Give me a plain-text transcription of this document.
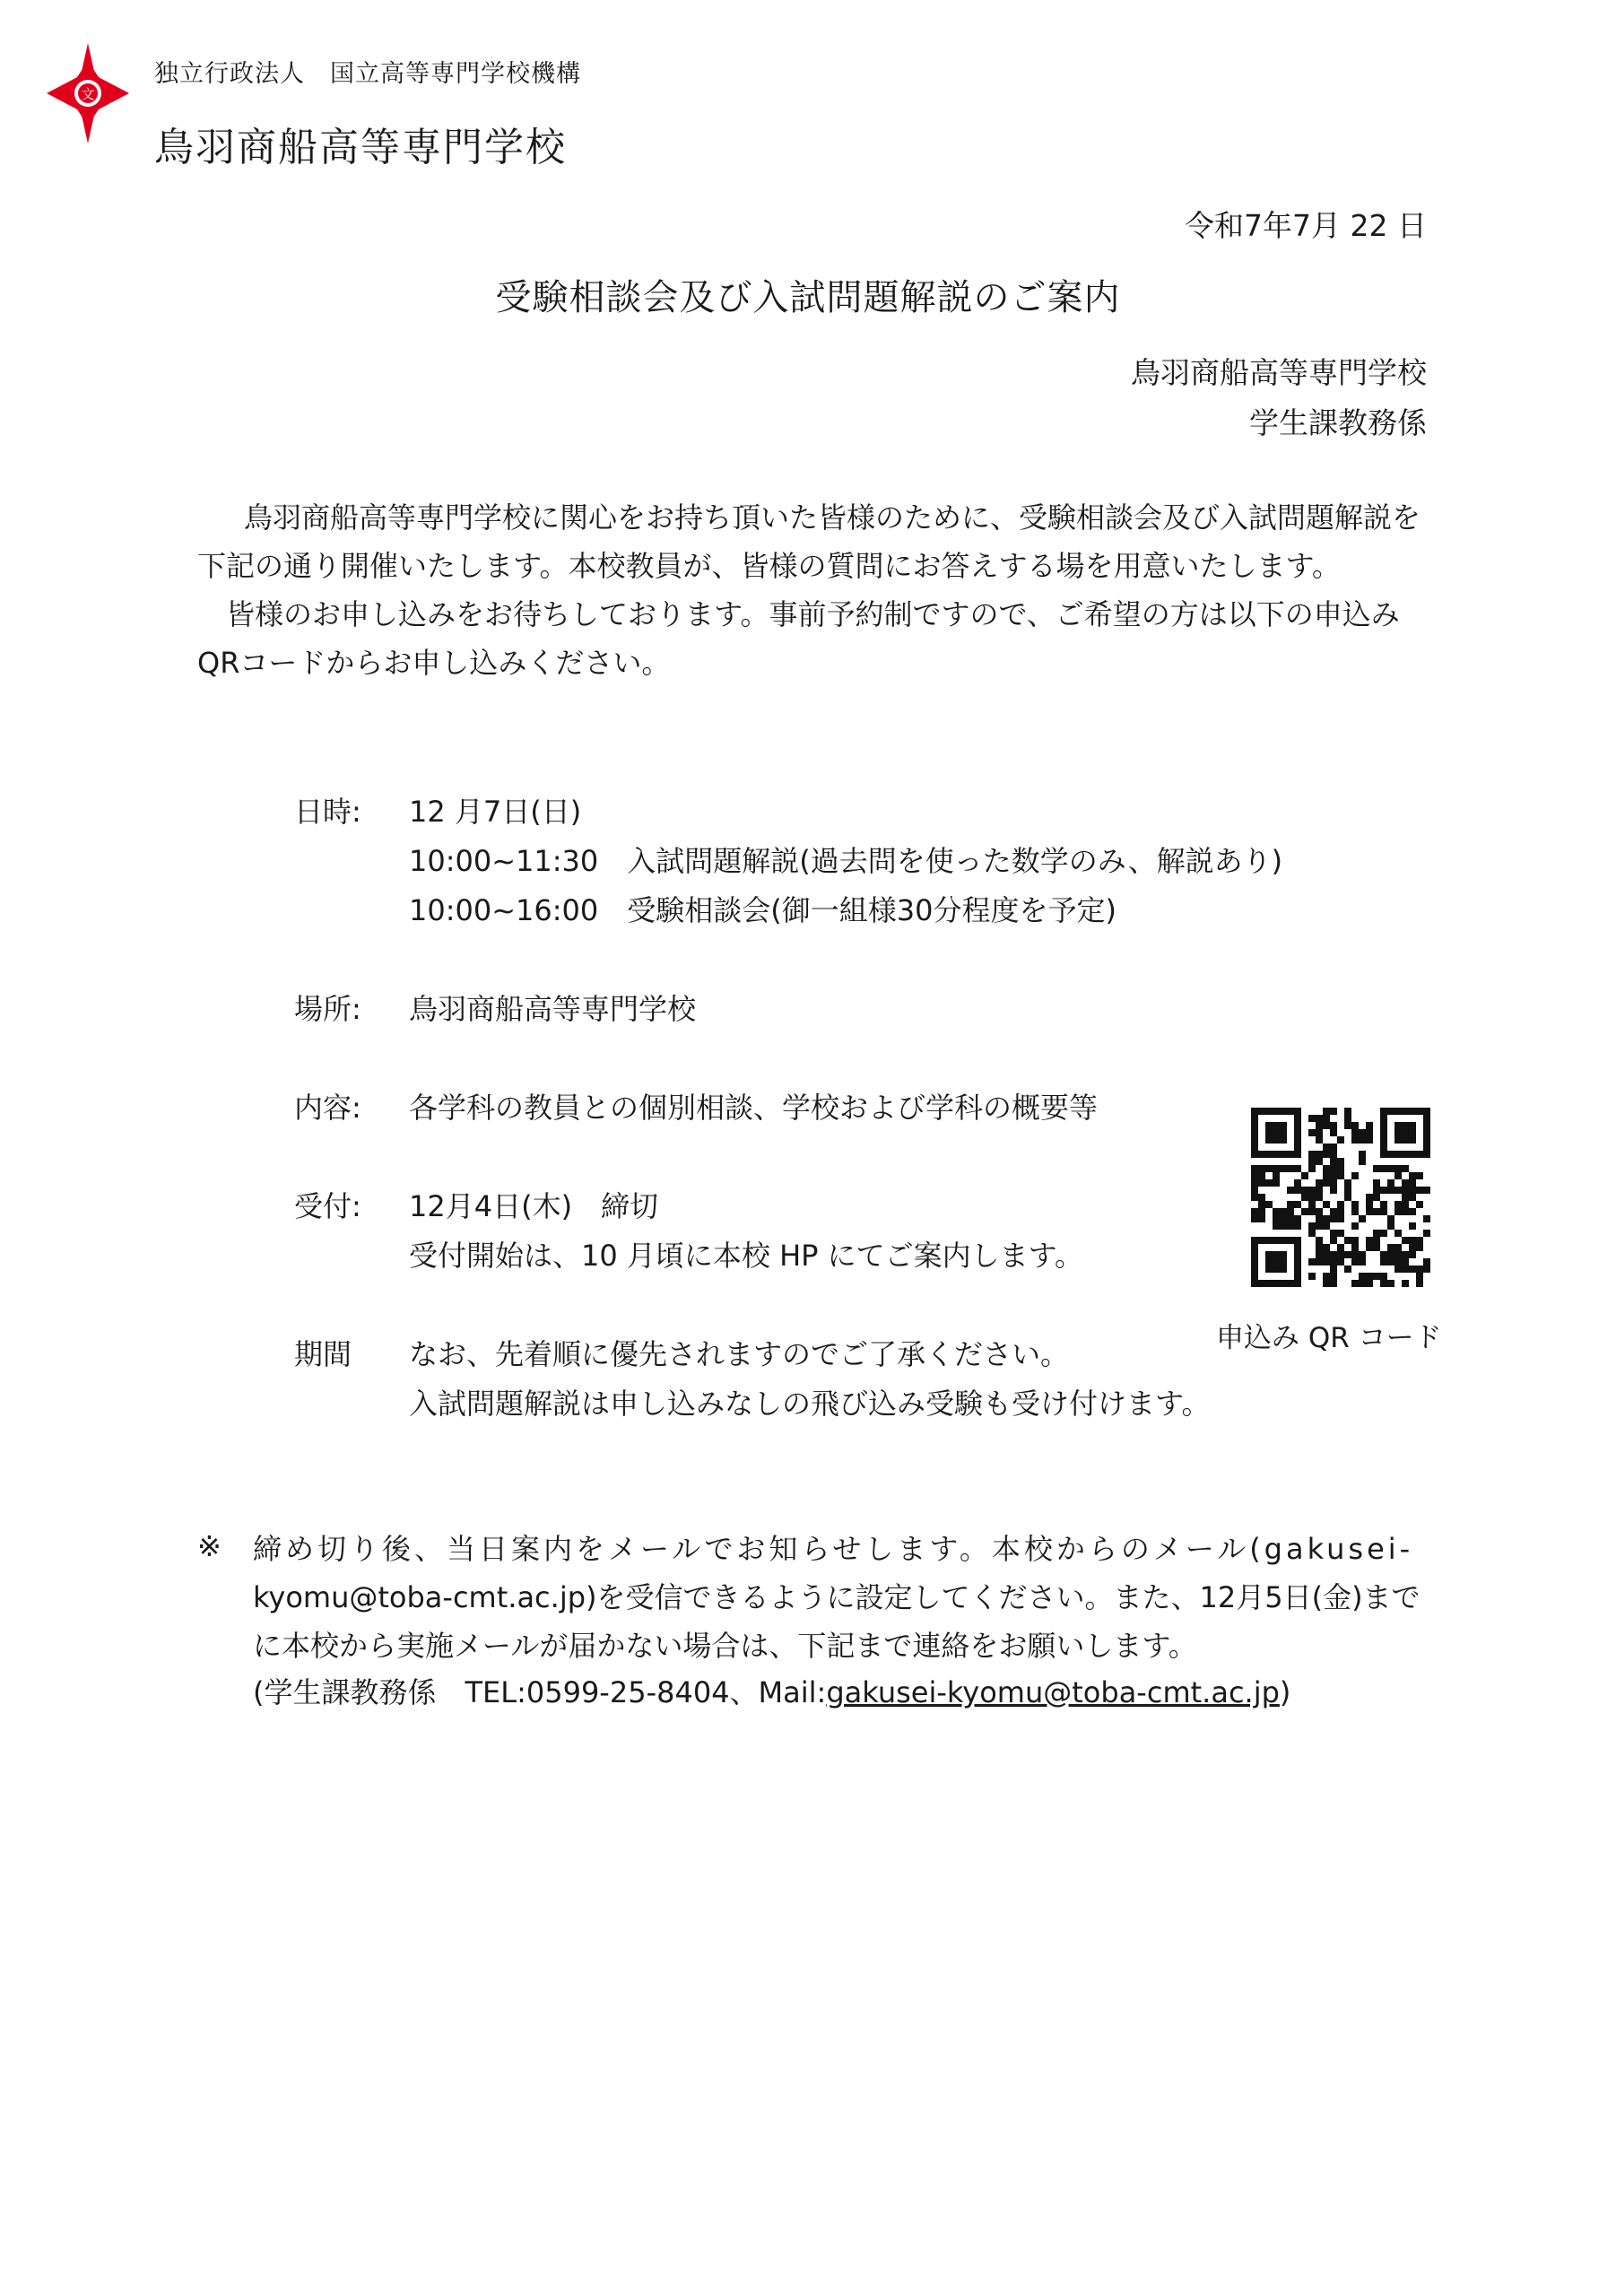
文
独立行政法人　国立高等専門学校機構
鳥羽商船高等専門学校
令和7年7月 22 日
受験相談会及び入試問題解説のご案内
鳥羽商船高等専門学校
学生課教務係
鳥羽商船高等専門学校に関心をお持ち頂いた皆様のために、受験相談会及び入試問題解説を下記の通り開催いたします。本校教員が、皆様の質問にお答えする場を用意いたします。
皆様のお申し込みをお待ちしております。事前予約制ですので、ご希望の方は以下の申込み QRコードからお申し込みください。
日時: 12 月7日(日)
10:00~11:30　入試問題解説(過去問を使った数学のみ、解説あり)
10:00~16:00　受験相談会(御一組様30分程度を予定)
場所: 鳥羽商船高等専門学校
内容: 各学科の教員との個別相談、学校および学科の概要等
受付: 12月4日(木)　締切
受付開始は、10 月頃に本校 HP にてご案内します。
期間 なお、先着順に優先されますのでご了承ください。
入試問題解説は申し込みなしの飛び込み受験も受け付けます。
申込み QR コード
※ 締め切り後、当日案内をメールでお知らせします。本校からのメール(gakusei-
kyomu@toba-cmt.ac.jp)を受信できるように設定してください。また、12月5日(金)まで
に本校から実施メールが届かない場合は、下記まで連絡をお願いします。
(学生課教務係　TEL:0599-25-8404、Mail:gakusei-kyomu@toba-cmt.ac.jp)
